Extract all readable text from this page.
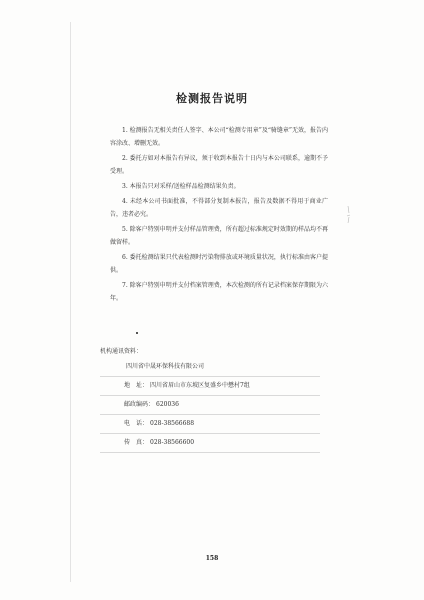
检测报告说明

1. 检测报告无相关责任人签字、本公司“检测专用章”及“骑缝章”无效，报告内容涂改、增删无效。

2. 委托方如对本报告有异议，须于收到本报告十日内与本公司联系，逾期不予受理。

3. 本报告只对采样/送检样品检测结果负责。

4. 未经本公司书面批准，不得部分复制本报告，报告及数据不得用于商业广告，违者必究。

5. 除客户特别申明并支付样品管理费，所有超过标准规定时效期的样品均不再做留样。

6. 委托检测结果只代表检测时污染物排放或环境质量状况，执行标准由客户提供。

7. 除客户特别申明并支付档案管理费，本次检测的所有记录档案保存期限为六年。

机构通讯资料：
四川省中晟环保科技有限公司
地　址： 四川省眉山市东坡区复盛乡中懋村7组
邮政编码： 620036
电　话： 028-38566688
传　真： 028-38566600
158
